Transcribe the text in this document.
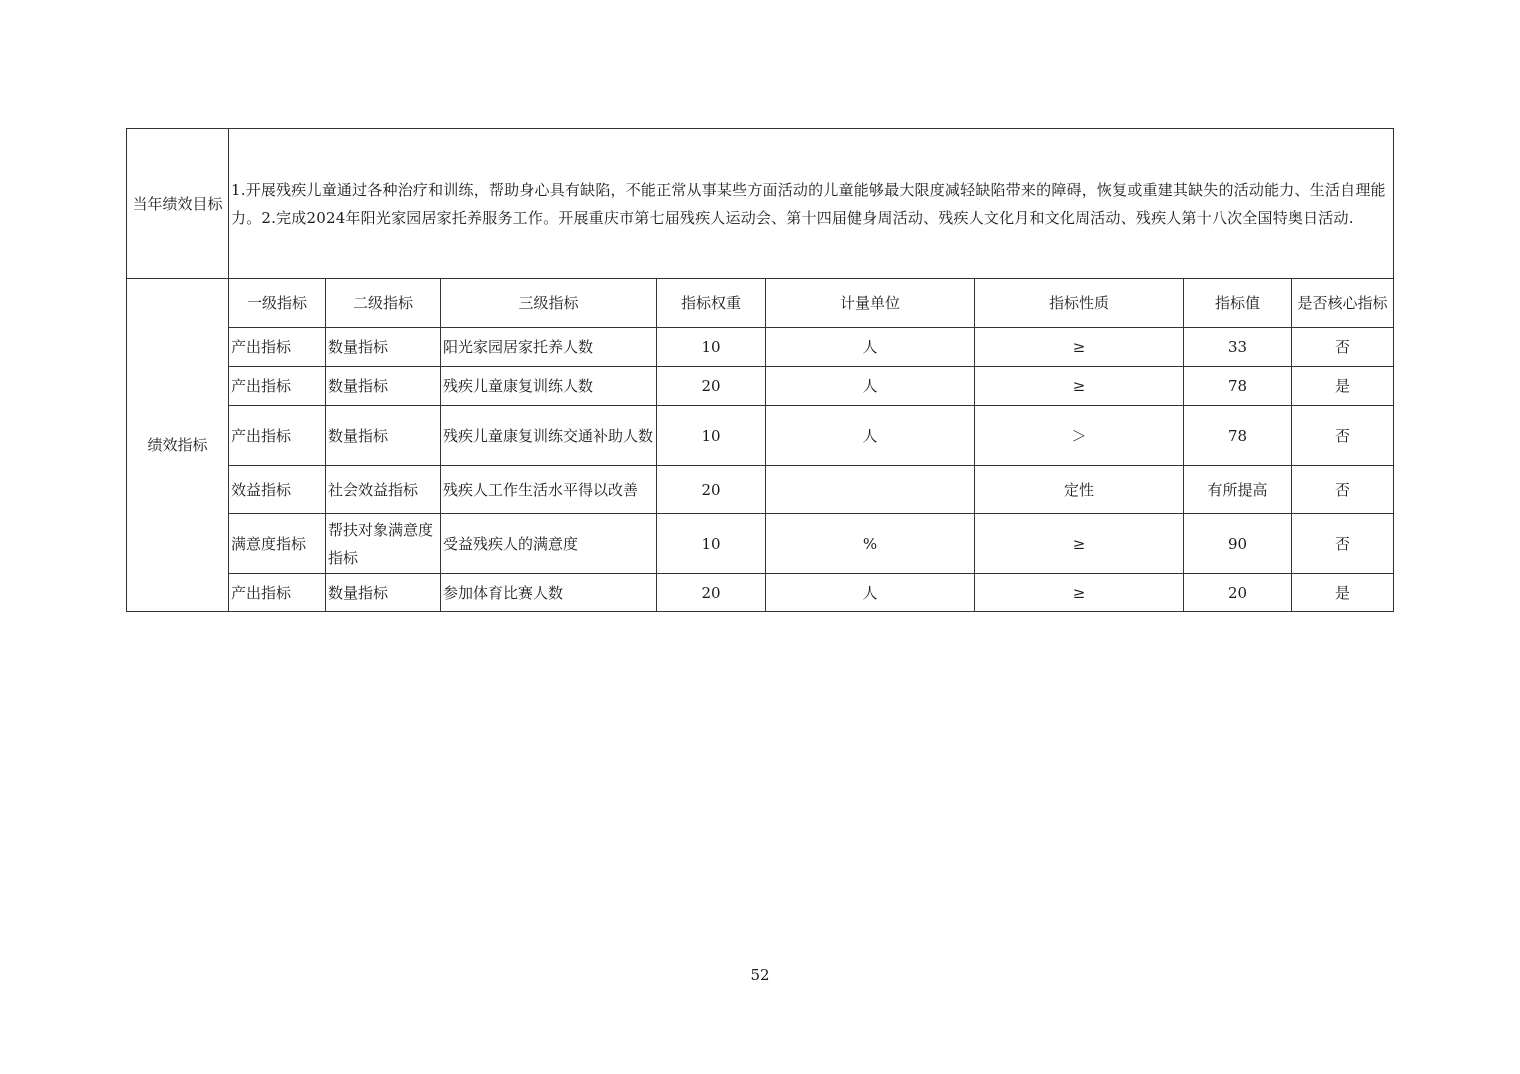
当年绩效目标	1.开展残疾儿童通过各种治疗和训练，帮助身心具有缺陷，不能正常从事某些方面活动的儿童能够最大限度减轻缺陷带来的障碍，恢复或重建其缺失的活动能力、生活自理能力。2.完成2024年阳光家园居家托养服务工作。开展重庆市第七届残疾人运动会、第十四届健身周活动、残疾人文化月和文化周活动、残疾人第十八次全国特奥日活动.							
绩效指标	一级指标	二级指标	三级指标	指标权重	计量单位	指标性质	指标值	是否核心指标
	产出指标	数量指标	阳光家园居家托养人数	10	人	≥	33	否
	产出指标	数量指标	残疾儿童康复训练人数	20	人	≥	78	是
	产出指标	数量指标	残疾儿童康复训练交通补助人数	10	人	＞	78	否
	效益指标	社会效益指标	残疾人工作生活水平得以改善	20		定性	有所提高	否
	满意度指标	帮扶对象满意度指标	受益残疾人的满意度	10	%	≥	90	否
	产出指标	数量指标	参加体育比赛人数	20	人	≥	20	是
52
